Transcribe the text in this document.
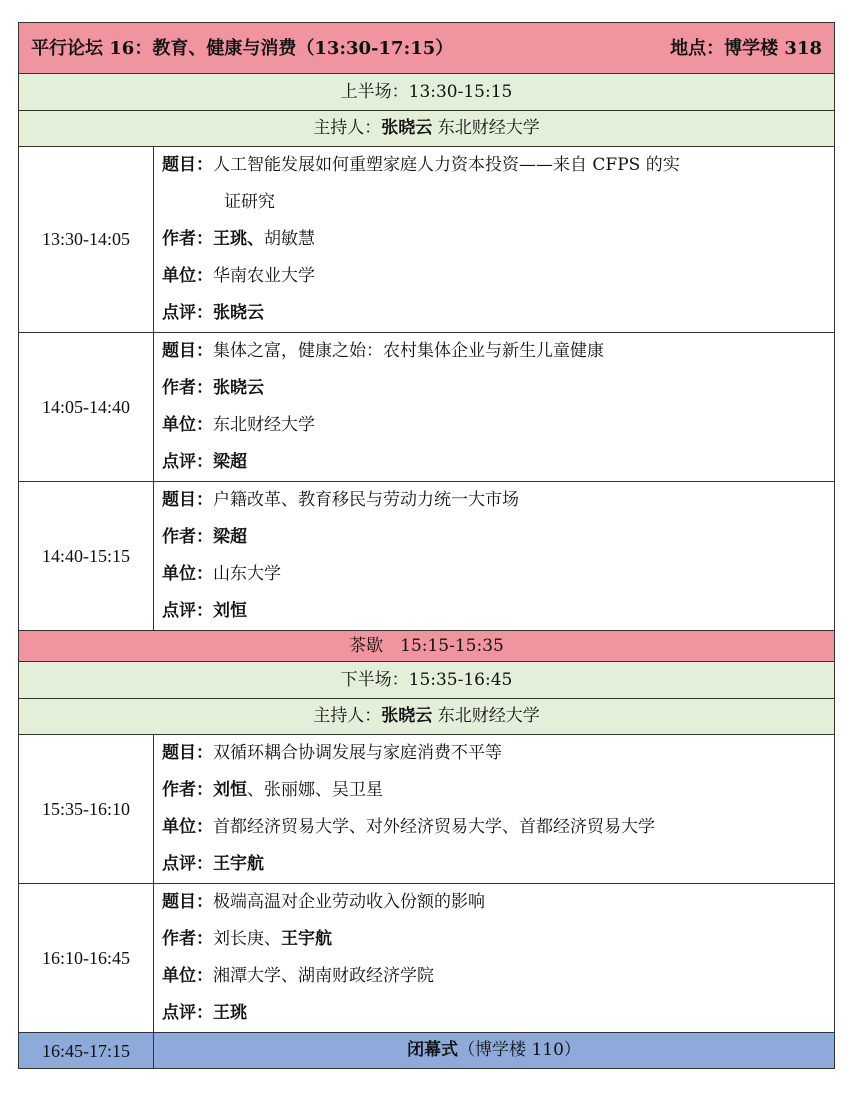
平行论坛 16：教育、健康与消费（13:30-17:15） 地点：博学楼 318	

上半场：13:30-15:15	
主持人：张晓云 东北财经大学	
13:30-14:05	题目：人工智能发展如何重塑家庭人力资本投资——来自 CFPS 的实
证研究
作者：王珧、胡敏慧
单位：华南农业大学
点评：张晓云

14:05-14:40	题目：集体之富，健康之始：农村集体企业与新生儿童健康
作者：张晓云
单位：东北财经大学
点评：梁超

14:40-15:15	题目：户籍改革、教育移民与劳动力统一大市场
作者：梁超
单位：山东大学
点评：刘恒

茶歇　15:15-15:35	
下半场：15:35-16:45	
主持人：张晓云 东北财经大学	
15:35-16:10	题目：双循环耦合协调发展与家庭消费不平等
作者：刘恒、张丽娜、吴卫星
单位：首都经济贸易大学、对外经济贸易大学、首都经济贸易大学
点评：王宇航

16:10-16:45	题目：极端高温对企业劳动收入份额的影响
作者：刘长庚、王宇航
单位：湘潭大学、湖南财政经济学院
点评：王珧

16:45-17:15	闭幕式（博学楼 110）
